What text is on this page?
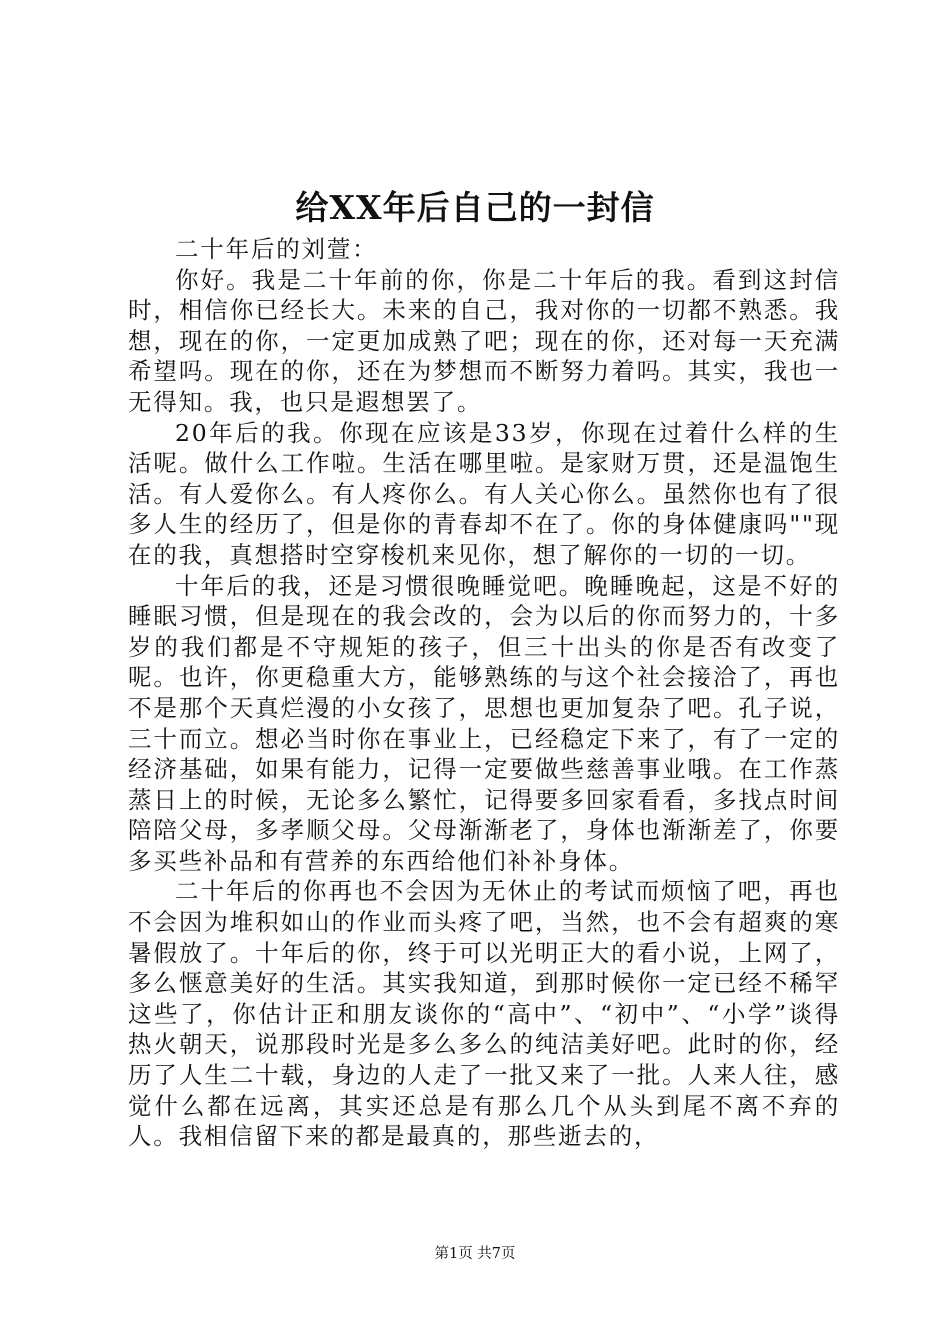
给XX年后自己的一封信

二十年后的刘萱：

你好。我是二十年前的你，你是二十年后的我。看到这封信时，相信你已经长大。未来的自己，我对你的一切都不熟悉。我想，现在的你，一定更加成熟了吧；现在的你，还对每一天充满希望吗。现在的你，还在为梦想而不断努力着吗。其实，我也一无得知。我，也只是遐想罢了。

20年后的我。你现在应该是33岁，你现在过着什么样的生活呢。做什么工作啦。生活在哪里啦。是家财万贯，还是温饱生活。有人爱你么。有人疼你么。有人关心你么。虽然你也有了很多人生的经历了，但是你的青春却不在了。你的身体健康吗""现在的我，真想搭时空穿梭机来见你，想了解你的一切的一切。

十年后的我，还是习惯很晚睡觉吧。晚睡晚起，这是不好的睡眠习惯，但是现在的我会改的，会为以后的你而努力的，十多岁的我们都是不守规矩的孩子，但三十出头的你是否有改变了呢。也许，你更稳重大方，能够熟练的与这个社会接洽了，再也不是那个天真烂漫的小女孩了，思想也更加复杂了吧。孔子说，三十而立。想必当时你在事业上，已经稳定下来了，有了一定的经济基础，如果有能力，记得一定要做些慈善事业哦。在工作蒸蒸日上的时候，无论多么繁忙，记得要多回家看看，多找点时间陪陪父母，多孝顺父母。父母渐渐老了，身体也渐渐差了，你要多买些补品和有营养的东西给他们补补身体。

二十年后的你再也不会因为无休止的考试而烦恼了吧，再也不会因为堆积如山的作业而头疼了吧，当然，也不会有超爽的寒暑假放了。十年后的你，终于可以光明正大的看小说，上网了，多么惬意美好的生活。其实我知道，到那时候你一定已经不稀罕这些了，你估计正和朋友谈你的“高中”、“初中”、“小学”谈得热火朝天，说那段时光是多么多么的纯洁美好吧。此时的你，经历了人生二十载，身边的人走了一批又来了一批。人来人往，感觉什么都在远离，其实还总是有那么几个从头到尾不离不弃的人。我相信留下来的都是最真的，那些逝去的，

第1页 共7页
